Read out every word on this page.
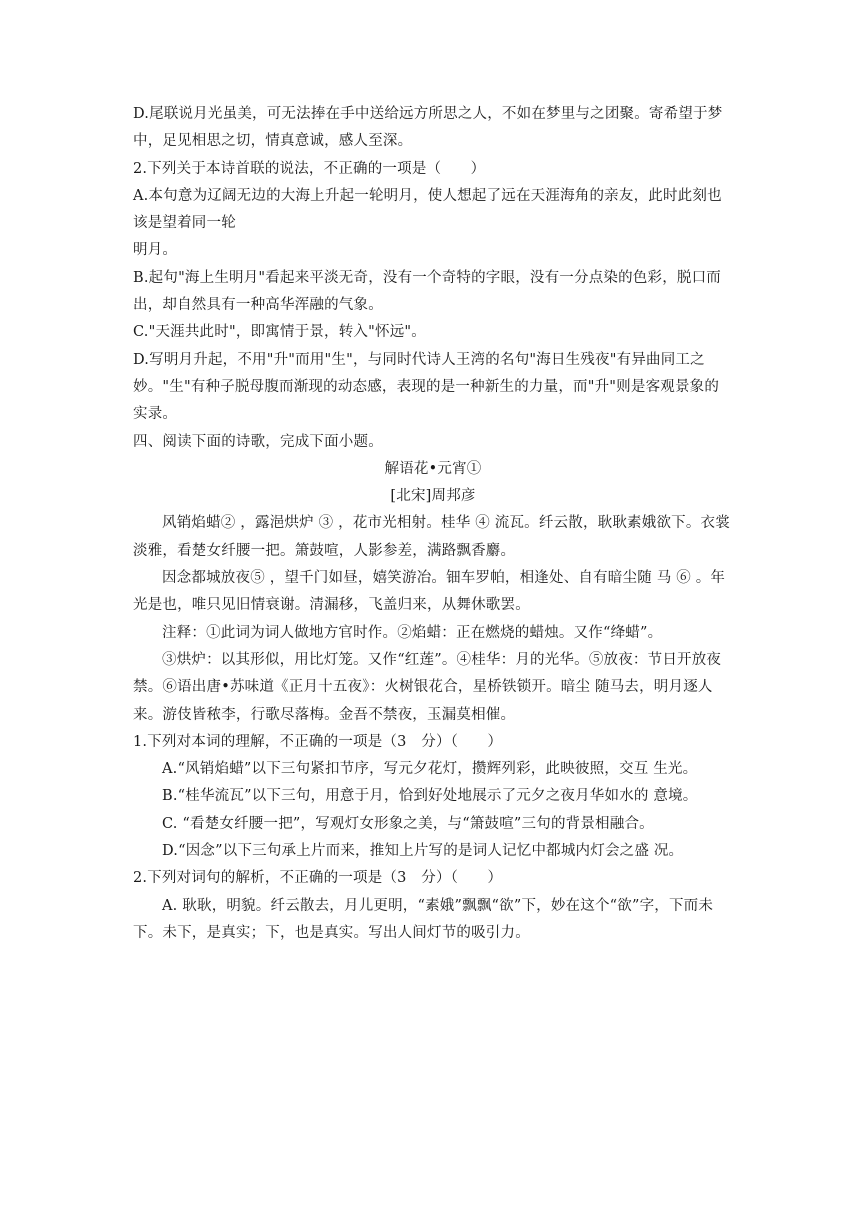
D.尾联说月光虽美，可无法捧在手中送给远方所思之人，不如在梦里与之团聚。寄希望于梦中，足见相思之切，情真意诚，感人至深。

2.下列关于本诗首联的说法，不正确的一项是（　　）

A.本句意为辽阔无边的大海上升起一轮明月，使人想起了远在天涯海角的亲友，此时此刻也该是望着同一轮

明月。

B.起句"海上生明月"看起来平淡无奇，没有一个奇特的字眼，没有一分点染的色彩，脱口而出，却自然具有一种高华浑融的气象。

C."天涯共此时"，即寓情于景，转入"怀远"。

D.写明月升起，不用"升"而用"生"，与同时代诗人王湾的名句"海日生残夜"有异曲同工之妙。"生"有种子脱母腹而渐现的动态感，表现的是一种新生的力量，而"升"则是客观景象的实录。

四、阅读下面的诗歌，完成下面小题。

解语花•元宵①

[北宋]周邦彦

风销焰蜡② ，露浥烘炉 ③ ，花市光相射。桂华 ④ 流瓦。纤云散，耿耿素娥欲下。衣裳淡雅，看楚女纤腰一把。箫鼓喧，人影参差，满路飘香麝。

因念都城放夜⑤ ，望千门如昼，嬉笑游冶。钿车罗帕，相逢处、自有暗尘随 马 ⑥ 。年光是也，唯只见旧情衰谢。清漏移，飞盖归来，从舞休歌罢。

注释：①此词为词人做地方官时作。②焰蜡：正在燃烧的蜡烛。又作“绛蜡”。

③烘炉：以其形似，用比灯笼。又作“红莲”。④桂华：月的光华。⑤放夜：节日开放夜禁。⑥语出唐•苏味道《正月十五夜》：火树银花合，星桥铁锁开。暗尘 随马去，明月逐人来。游伎皆秾李，行歌尽落梅。金吾不禁夜，玉漏莫相催。

1.下列对本词的理解，不正确的一项是（3　分）（　　）

A.“风销焰蜡”以下三句紧扣节序，写元夕花灯，攒辉列彩，此映彼照，交互 生光。

B.“桂华流瓦”以下三句，用意于月，恰到好处地展示了元夕之夜月华如水的 意境。

C. “看楚女纤腰一把”，写观灯女形象之美，与“箫鼓喧”三句的背景相融合。

D.“因念”以下三句承上片而来，推知上片写的是词人记忆中都城内灯会之盛 况。

2.下列对词句的解析，不正确的一项是（3　分）（　　）

A. 耿耿，明貌。纤云散去，月儿更明，“素娥”飘飘“欲”下，妙在这个“欲”字，下而未下。未下，是真实；下，也是真实。写出人间灯节的吸引力。
